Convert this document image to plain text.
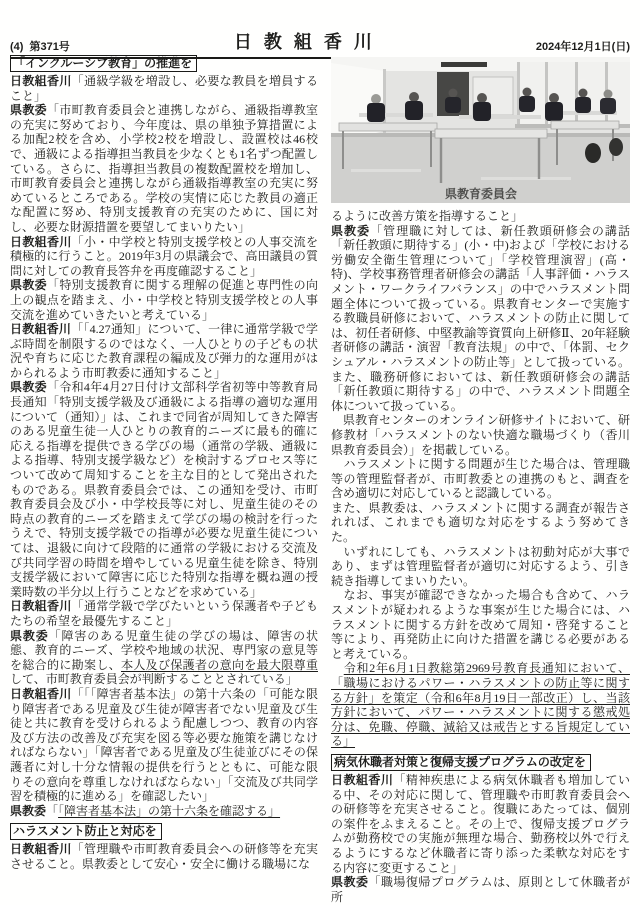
(4) 第371号	日教組香川	2024年12月1日(日)
「インクルーシブ教育」の推進を

日教組香川「通級学級を増設し、必要な教員を増員すること」

県教委「市町教育委員会と連携しながら、通級指導教室の充実に努めており、今年度は、県の単独予算措置による加配2校を含め、小学校2校を増設し、設置校は46校で、通級による指導担当教員を少なくとも1名ずつ配置している。さらに、指導担当教員の複数配置校を増加し、市町教育委員会と連携しながら通級指導教室の充実に努めているところである。学校の実情に応じた教員の適正な配置に努め、特別支援教育の充実のために、国に対し、必要な財源措置を要望してまいりたい」

日教組香川「小・中学校と特別支援学校との人事交流を積極的に行うこと。2019年3月の県議会で、高田議員の質問に対しての教育長答弁を再度確認すること」

県教委「特別支援教育に関する理解の促進と専門性の向上の観点を踏まえ、小・中学校と特別支援学校との人事交流を進めていきたいと考えている」

日教組香川「「4.27通知」について、一律に通常学級で学ぶ時間を制限するのではなく、一人ひとりの子どもの状況や育ちに応じた教育課程の編成及び弾力的な運用がはかられるよう市町教委に通知すること」

県教委「令和4年4月27日付け文部科学省初等中等教育局長通知「特別支援学級及び通級による指導の適切な運用について（通知）」は、これまで同省が周知してきた障害のある児童生徒一人ひとりの教育的ニーズに最も的確に応える指導を提供できる学びの場（通常の学級、通級による指導、特別支援学級など）を検討するプロセス等について改めて周知することを主な目的として発出されたものである。県教育委員会では、この通知を受け、市町教育委員会及び小・中学校長等に対し、児童生徒のその時点の教育的ニーズを踏まえて学びの場の検討を行ったうえで、特別支援学級での指導が必要な児童生徒については、退級に向けて段階的に通常の学級における交流及び共同学習の時間を増やしている児童生徒を除き、特別支援学級において障害に応じた特別な指導を概ね週の授業時数の半分以上行うことなどを求めている」

日教組香川「通常学級で学びたいという保護者や子どもたちの希望を最優先すること」

県教委「障害のある児童生徒の学びの場は、障害の状態、教育的ニーズ、学校や地域の状況、専門家の意見等を総合的に勘案し、本人及び保護者の意向を最大限尊重して、市町教育委員会が判断することとされている」

日教組香川「「「障害者基本法」の第十六条の「可能な限り障害者である児童及び生徒が障害者でない児童及び生徒と共に教育を受けられるよう配慮しつつ、教育の内容及び方法の改善及び充実を図る等必要な施策を講じなければならない」「障害者である児童及び生徒並びにその保護者に対し十分な情報の提供を行うとともに、可能な限りその意向を尊重しなければならない」「交流及び共同学習を積極的に進める」を確認したい」

県教委「「障害者基本法」の第十六条を確認する」

ハラスメント防止と対応を

日教組香川「管理職や市町教育委員会への研修等を充実させること。県教委として安心・安全に働ける職場にな

県教育委員会

るように改善方策を指導すること」

県教委「管理職に対しては、新任教頭研修会の講話「新任教頭に期待する」(小・中)および「学校における労働安全衛生管理について」「学校管理演習」(高・特)、学校事務管理者研修会の講話「人事評価・ハラスメント・ワークライフバランス」の中でハラスメント問題全体について扱っている。県教育センターで実施する教職員研修において、ハラスメントの防止に関しては、初任者研修、中堅教諭等資質向上研修Ⅱ、20年経験者研修の講話・演習「教育法規」の中で、「体罰、セクシュアル・ハラスメントの防止等」として扱っている。また、職務研修においては、新任教頭研修会の講話「新任教頭に期待する」の中で、ハラスメント問題全体について扱っている。

　県教育センターのオンライン研修サイトにおいて、研修教材「ハラスメントのない快適な職場づくり（香川県教育委員会）」を掲載している。

　ハラスメントに関する問題が生じた場合は、管理職等の管理監督者が、市町教委との連携のもと、調査を含め適切に対応していると認識している。

また、県教委は、ハラスメントに関する調査が報告されれば、これまでも適切な対応をするよう努めてきた。

　いずれにしても、ハラスメントは初動対応が大事であり、まずは管理監督者が適切に対応するよう、引き続き指導してまいりたい。

　なお、事実が確認できなかった場合も含めて、ハラスメントが疑われるような事案が生じた場合には、ハラスメントに関する方針を改めて周知・啓発すること等により、再発防止に向けた措置を講じる必要があると考えている。

　令和2年6月1日教総第2969号教育長通知において、「職場におけるパワー・ハラスメントの防止等に関する方針」を策定（令和6年8月19日一部改正）し、当該方針において、パワー・ハラスメントに関する懲戒処分は、免職、停職、減給又は戒告とする旨規定している」

病気休職者対策と復帰支援プログラムの改定を

日教組香川「精神疾患による病気休職者も増加している中、その対応に関して、管理職や市町教育委員会への研修等を充実させること。復職にあたっては、個別の案件をふまえること。その上で、復帰支援プログラムが勤務校での実施が無理な場合、勤務校以外で行えるようにするなど休職者に寄り添った柔軟な対応をする内容に変更すること」

県教委「職場復帰プログラムは、原則として休職者が所
